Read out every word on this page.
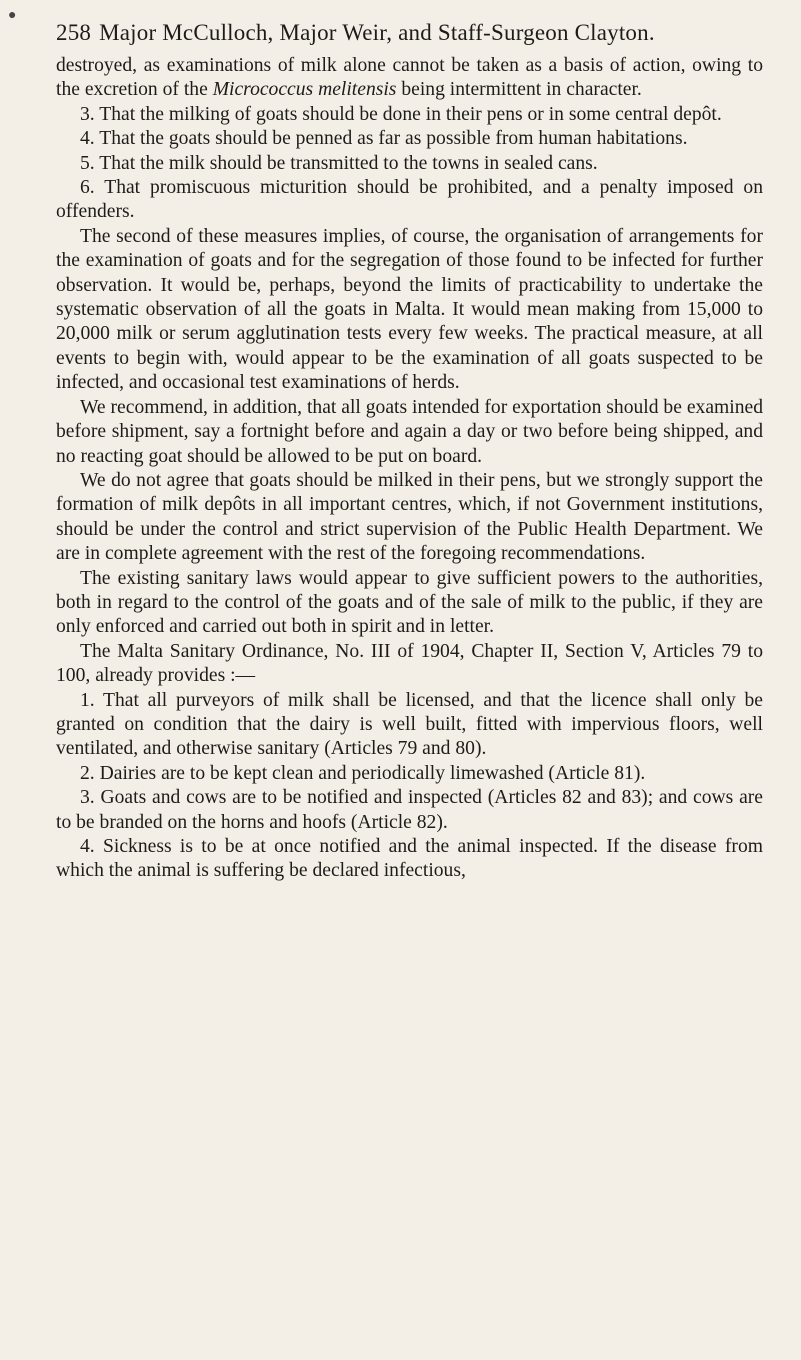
●
258 Major McCulloch, Major Weir, and Staff-Surgeon Clayton.

destroyed, as examinations of milk alone cannot be taken as a basis of action, owing to the excretion of the Micrococcus melitensis being intermittent in character.

3. That the milking of goats should be done in their pens or in some central depôt.

4. That the goats should be penned as far as possible from human habitations.

5. That the milk should be transmitted to the towns in sealed cans.

6. That promiscuous micturition should be prohibited, and a penalty imposed on offenders.

The second of these measures implies, of course, the organisation of arrangements for the examination of goats and for the segregation of those found to be infected for further observation. It would be, perhaps, beyond the limits of practicability to undertake the systematic observation of all the goats in Malta. It would mean making from 15,000 to 20,000 milk or serum agglutination tests every few weeks. The practical measure, at all events to begin with, would appear to be the examination of all goats suspected to be infected, and occasional test examinations of herds.

We recommend, in addition, that all goats intended for exportation should be examined before shipment, say a fortnight before and again a day or two before being shipped, and no reacting goat should be allowed to be put on board.

We do not agree that goats should be milked in their pens, but we strongly support the formation of milk depôts in all important centres, which, if not Government institutions, should be under the control and strict supervision of the Public Health Department. We are in complete agreement with the rest of the foregoing recommendations.

The existing sanitary laws would appear to give sufficient powers to the authorities, both in regard to the control of the goats and of the sale of milk to the public, if they are only enforced and carried out both in spirit and in letter.

The Malta Sanitary Ordinance, No. III of 1904, Chapter II, Section V, Articles 79 to 100, already provides :—

1. That all purveyors of milk shall be licensed, and that the licence shall only be granted on condition that the dairy is well built, fitted with impervious floors, well ventilated, and otherwise sanitary (Articles 79 and 80).

2. Dairies are to be kept clean and periodically limewashed (Article 81).

3. Goats and cows are to be notified and inspected (Articles 82 and 83); and cows are to be branded on the horns and hoofs (Article 82).

4. Sickness is to be at once notified and the animal inspected. If the disease from which the animal is suffering be declared infectious,
